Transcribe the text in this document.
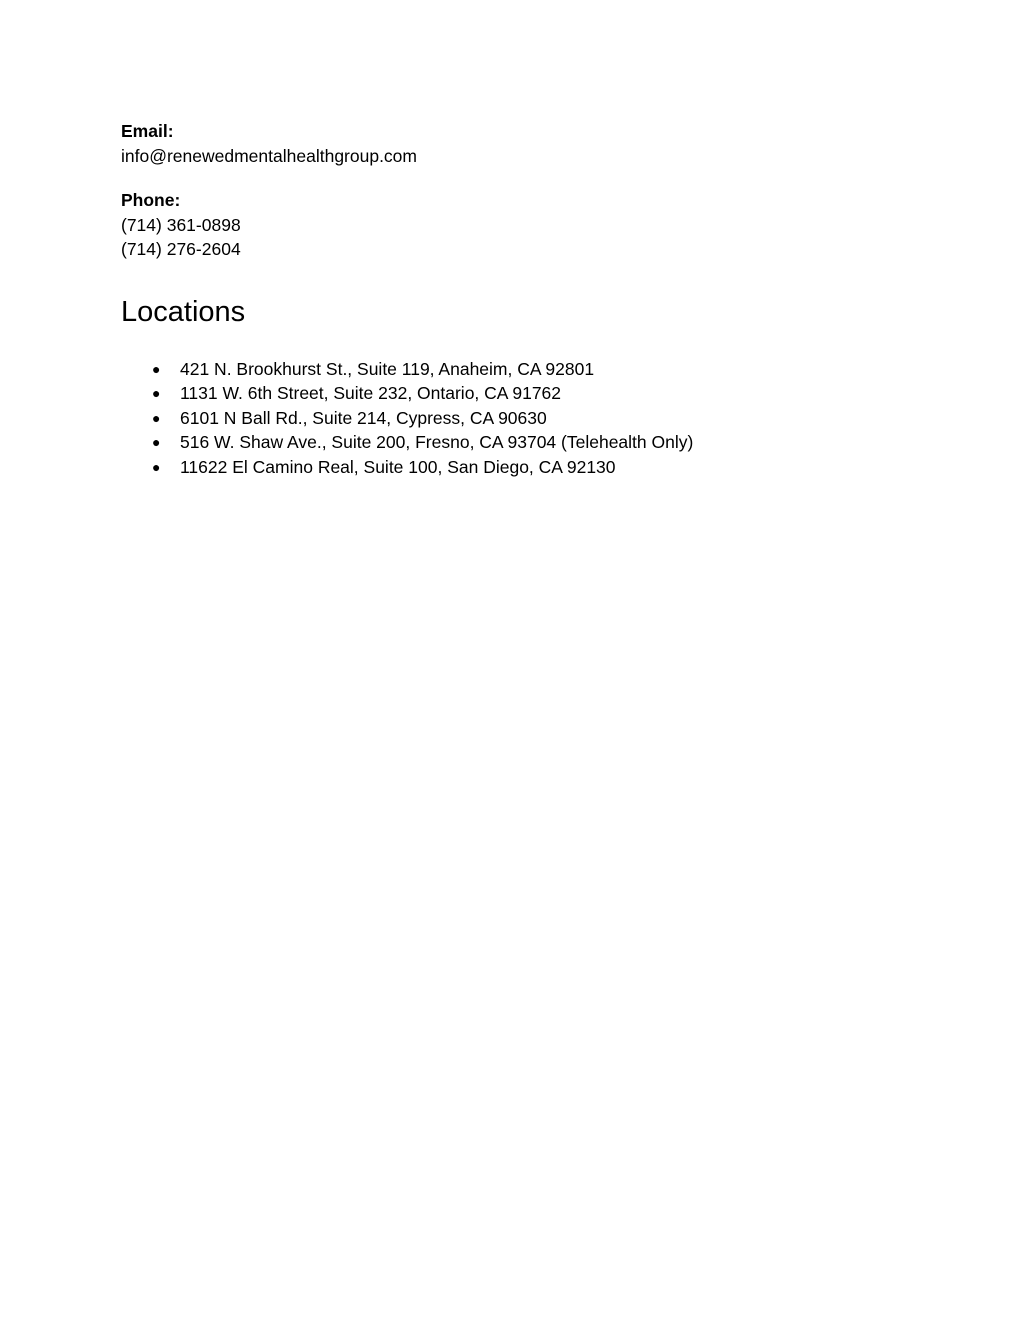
Email:
info@renewedmentalhealthgroup.com
Phone:
(714) 361-0898
(714) 276-2604
Locations
● 421 N. Brookhurst St., Suite 119, Anaheim, CA 92801
● 1131 W. 6th Street, Suite 232, Ontario, CA 91762
● 6101 N Ball Rd., Suite 214, Cypress, CA 90630
● 516 W. Shaw Ave., Suite 200, Fresno, CA 93704 (Telehealth Only)
● 11622 El Camino Real, Suite 100, San Diego, CA 92130
